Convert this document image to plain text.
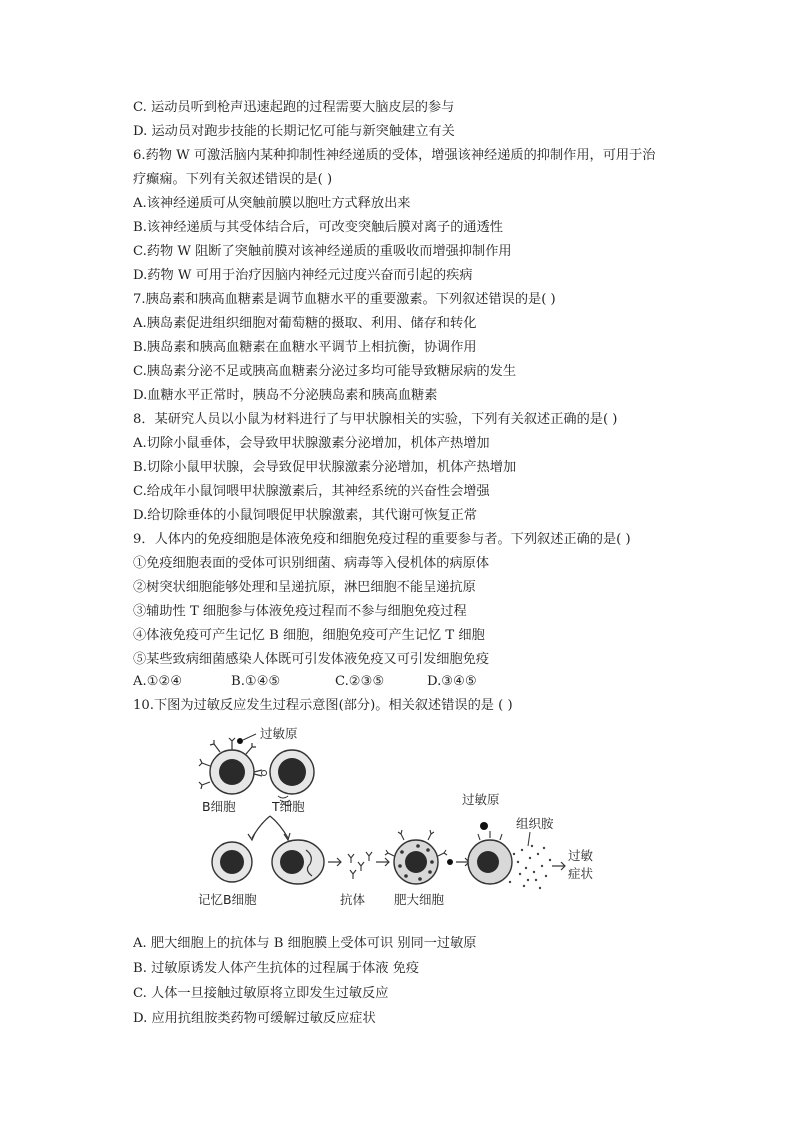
C. 运动员听到枪声迅速起跑的过程需要大脑皮层的参与
D. 运动员对跑步技能的长期记忆可能与新突触建立有关
6.药物 W 可激活脑内某种抑制性神经递质的受体，增强该神经递质的抑制作用，可用于治
疗癫痫。下列有关叙述错误的是( )
A.该神经递质可从突触前膜以胞吐方式释放出来
B.该神经递质与其受体结合后，可改变突触后膜对离子的通透性
C.药物 W 阻断了突触前膜对该神经递质的重吸收而增强抑制作用
D.药物 W 可用于治疗因脑内神经元过度兴奋而引起的疾病
7.胰岛素和胰高血糖素是调节血糖水平的重要激素。下列叙述错误的是( )
A.胰岛素促进组织细胞对葡萄糖的摄取、利用、储存和转化
B.胰岛素和胰高血糖素在血糖水平调节上相抗衡，协调作用
C.胰岛素分泌不足或胰高血糖素分泌过多均可能导致糖尿病的发生
D.血糖水平正常时，胰岛不分泌胰岛素和胰高血糖素
8．某研究人员以小鼠为材料进行了与甲状腺相关的实验，下列有关叙述正确的是( )
A.切除小鼠垂体，会导致甲状腺激素分泌增加，机体产热增加
B.切除小鼠甲状腺，会导致促甲状腺激素分泌增加，机体产热增加
C.给成年小鼠饲喂甲状腺激素后，其神经系统的兴奋性会增强
D.给切除垂体的小鼠饲喂促甲状腺激素，其代谢可恢复正常
9．人体内的免疫细胞是体液免疫和细胞免疫过程的重要参与者。下列叙述正确的是( )
①免疫细胞表面的受体可识别细菌、病毒等入侵机体的病原体
②树突状细胞能够处理和呈递抗原，淋巴细胞不能呈递抗原
③辅助性 T 细胞参与体液免疫过程而不参与细胞免疫过程
④体液免疫可产生记忆 B 细胞，细胞免疫可产生记忆 T 细胞
⑤某些致病细菌感染人体既可引发体液免疫又可引发细胞免疫
A.①②④	B.①④⑤	C.②③⑤	D.③④⑤
10.下图为过敏反应发生过程示意图(部分)。相关叙述错误的是 ( )
过敏原
B细胞	T细胞
记忆B细胞	抗体 肥大细胞
过敏原
组织胺
过敏
症状
A. 肥大细胞上的抗体与 B 细胞膜上受体可识 别同一过敏原
B. 过敏原诱发人体产生抗体的过程属于体液 免疫
C. 人体一旦接触过敏原将立即发生过敏反应
D. 应用抗组胺类药物可缓解过敏反应症状
